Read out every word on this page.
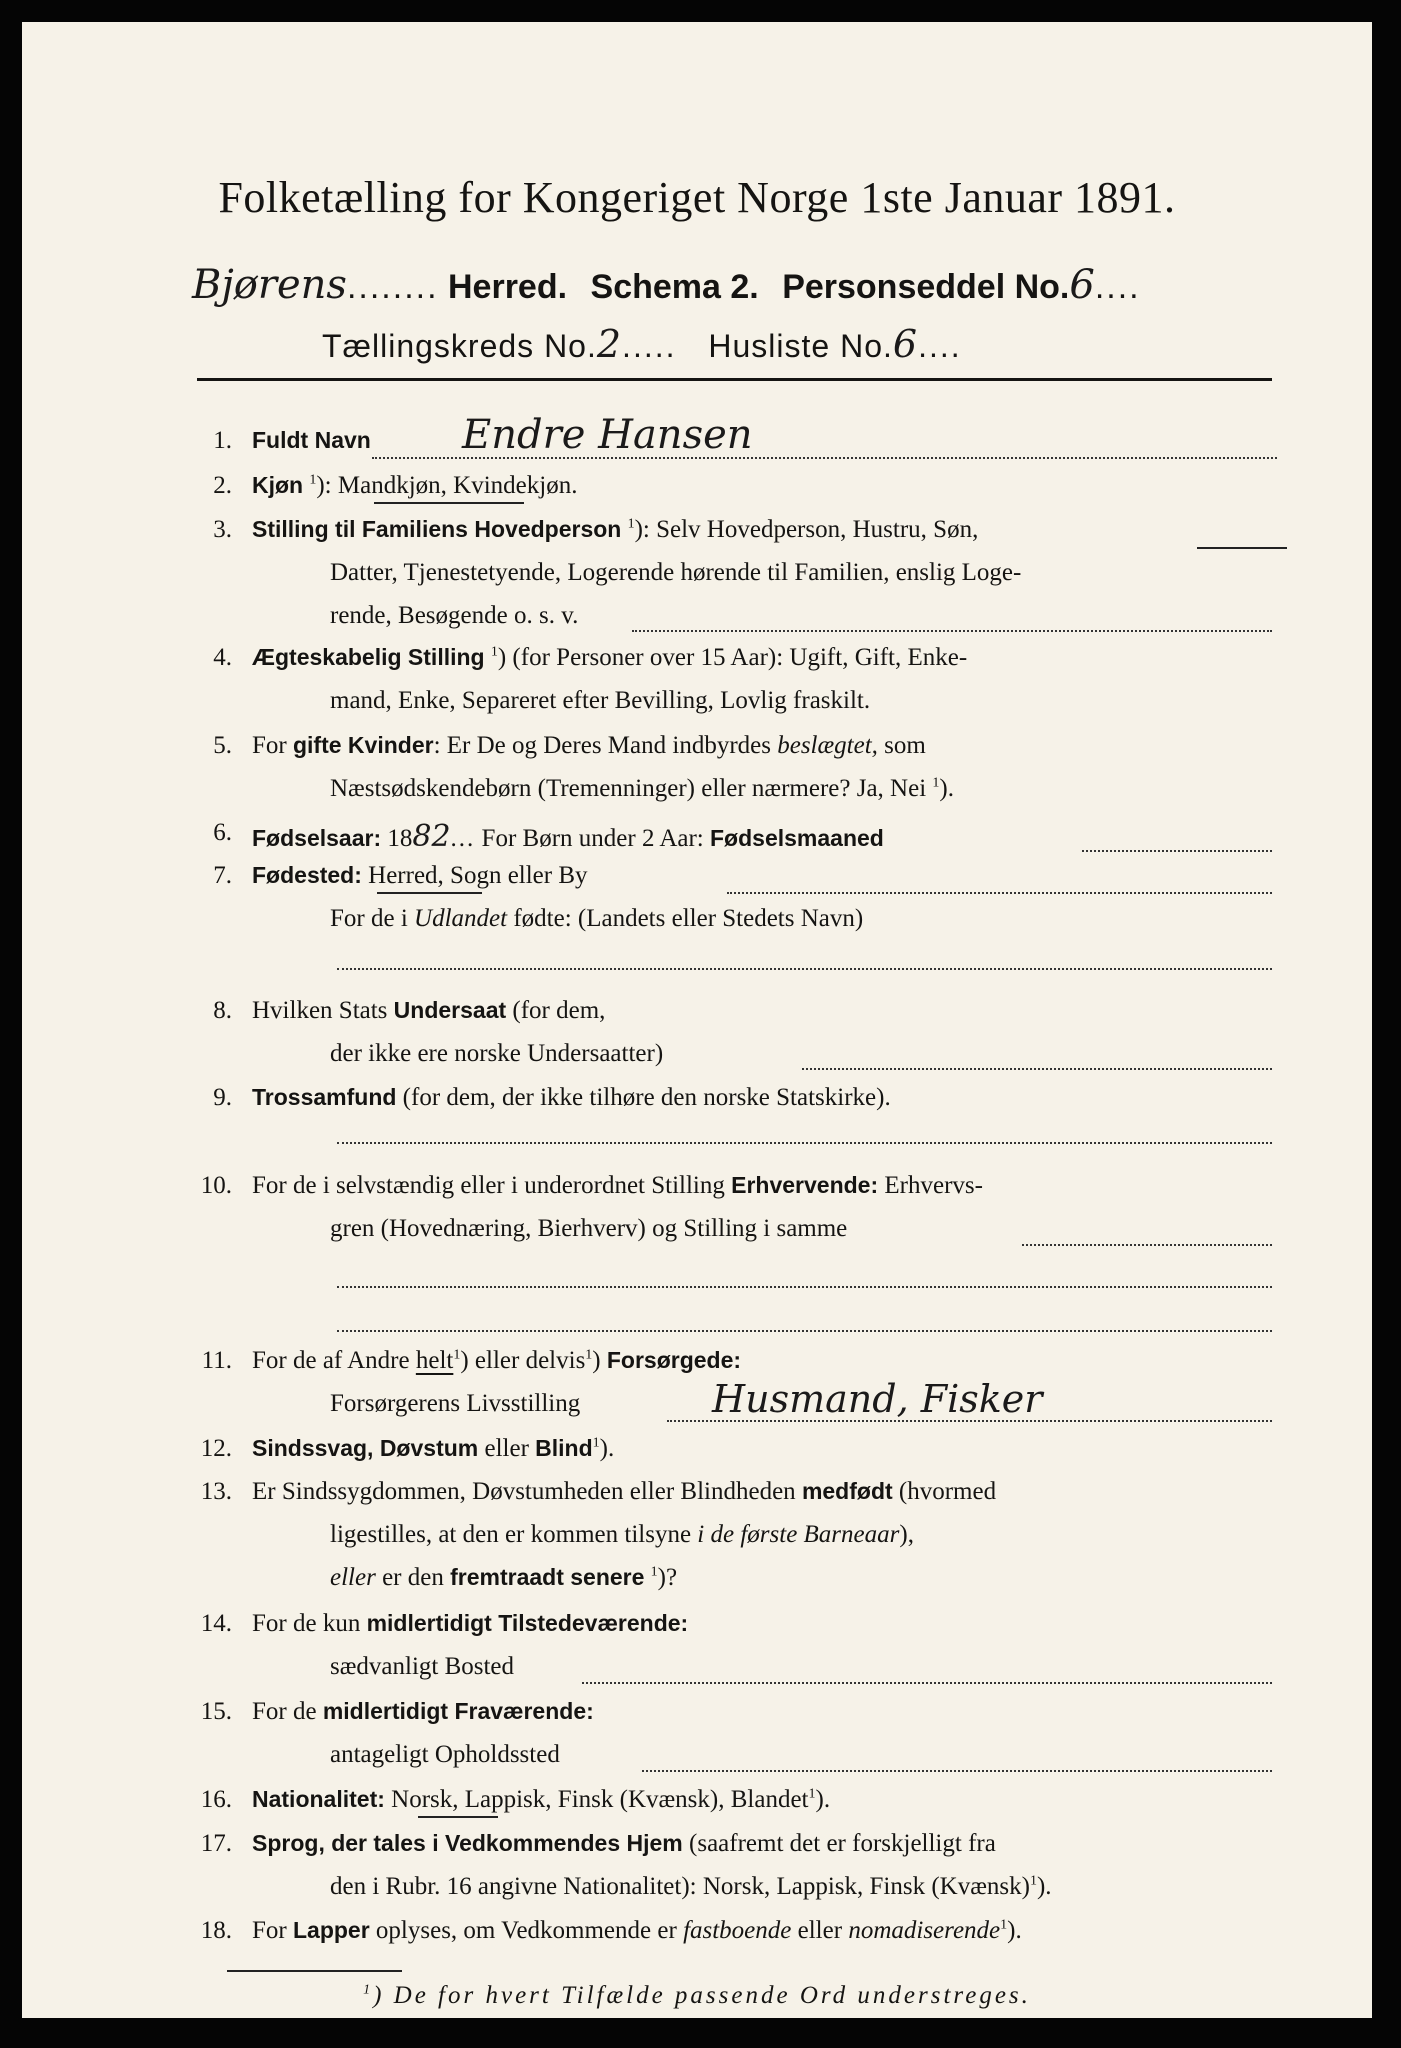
Folketælling for Kongeriget Norge 1ste Januar 1891.
Bjørens........ Herred. Schema 2. Personseddel No.6....
Tællingskreds No.2..... Husliste No.6....
1. Fuldt Navn Endre Hansen
2. Kjøn $^1$): Mandkjøn, Kvindekjøn.
3. Stilling til Familiens Hovedperson $^1$): Selv Hovedperson, Hustru, Søn,
Datter, Tjenestetyende, Logerende hørende til Familien, enslig Loge-
rende, Besøgende o. s. v.
4. Ægteskabelig Stilling $^1$) (for Personer over 15 Aar): Ugift, Gift, Enke-
mand, Enke, Separeret efter Bevilling, Lovlig fraskilt.
5. For gifte Kvinder: Er De og Deres Mand indbyrdes beslægtet, som
Næstsødskendebørn (Tremenninger) eller nærmere? Ja, Nei $^1$).
6. Fødselsaar: 1882... For Børn under 2 Aar: Fødselsmaaned
7. Fødested: Herred, Sogn eller By
For de i Udlandet fødte: (Landets eller Stedets Navn)
8. Hvilken Stats Undersaat (for dem,
der ikke ere norske Undersaatter)
9. Trossamfund (for dem, der ikke tilhøre den norske Statskirke).
10. For de i selvstændig eller i underordnet Stilling Erhvervende: Erhvervs-
gren (Hovednæring, Bierhverv) og Stilling i samme
11. For de af Andre helt$^1$) eller delvis$^1$) Forsørgede:
Forsørgerens Livsstilling	Husmand, Fisker
12. Sindssvag, Døvstum eller Blind$^1$).
13. Er Sindssygdommen, Døvstumheden eller Blindheden medfødt (hvormed
ligestilles, at den er kommen tilsyne i de første Barneaar),
eller er den fremtraadt senere $^1$)?
14. For de kun midlertidigt Tilstedeværende:
sædvanligt Bosted
15. For de midlertidigt Fraværende:
antageligt Opholdssted
16. Nationalitet: Norsk, Lappisk, Finsk (Kvænsk), Blandet$^1$).
17. Sprog, der tales i Vedkommendes Hjem (saafremt det er forskjelligt fra
den i Rubr. 16 angivne Nationalitet): Norsk, Lappisk, Finsk (Kvænsk)$^1$).
18. For Lapper oplyses, om Vedkommende er fastboende eller nomadiserende$^1$).
$^1$) De for hvert Tilfælde passende Ord understreges.
